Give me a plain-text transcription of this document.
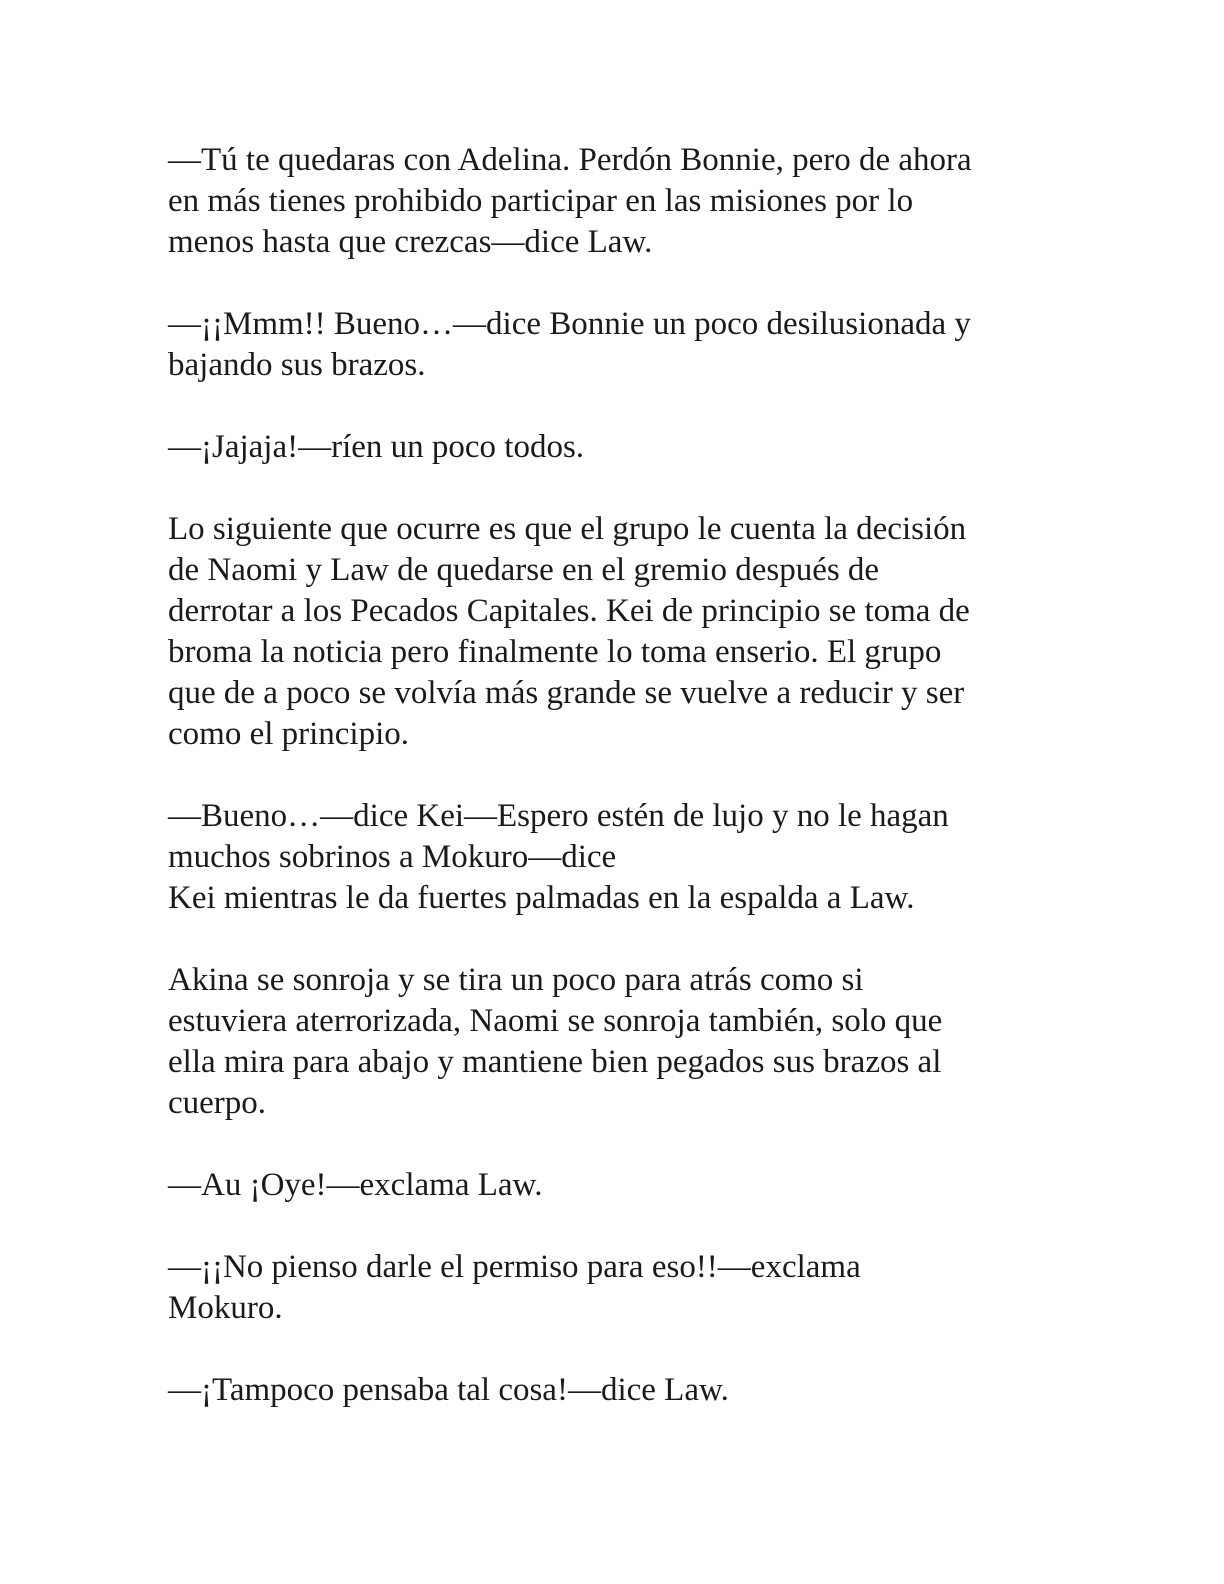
—Tú te quedaras con Adelina. Perdón Bonnie, pero de ahora
en más tienes prohibido participar en las misiones por lo
menos hasta que crezcas—dice Law.

—¡¡Mmm!! Bueno…—dice Bonnie un poco desilusionada y
bajando sus brazos.

—¡Jajaja!—ríen un poco todos.

Lo siguiente que ocurre es que el grupo le cuenta la decisión
de Naomi y Law de quedarse en el gremio después de
derrotar a los Pecados Capitales. Kei de principio se toma de
broma la noticia pero finalmente lo toma enserio. El grupo
que de a poco se volvía más grande se vuelve a reducir y ser
como el principio.

—Bueno…—dice Kei—Espero estén de lujo y no le hagan
muchos sobrinos a Mokuro—dice
Kei mientras le da fuertes palmadas en la espalda a Law.

Akina se sonroja y se tira un poco para atrás como si
estuviera aterrorizada, Naomi se sonroja también, solo que
ella mira para abajo y mantiene bien pegados sus brazos al
cuerpo.

—Au ¡Oye!—exclama Law.

—¡¡No pienso darle el permiso para eso!!—exclama
Mokuro.

—¡Tampoco pensaba tal cosa!—dice Law.
